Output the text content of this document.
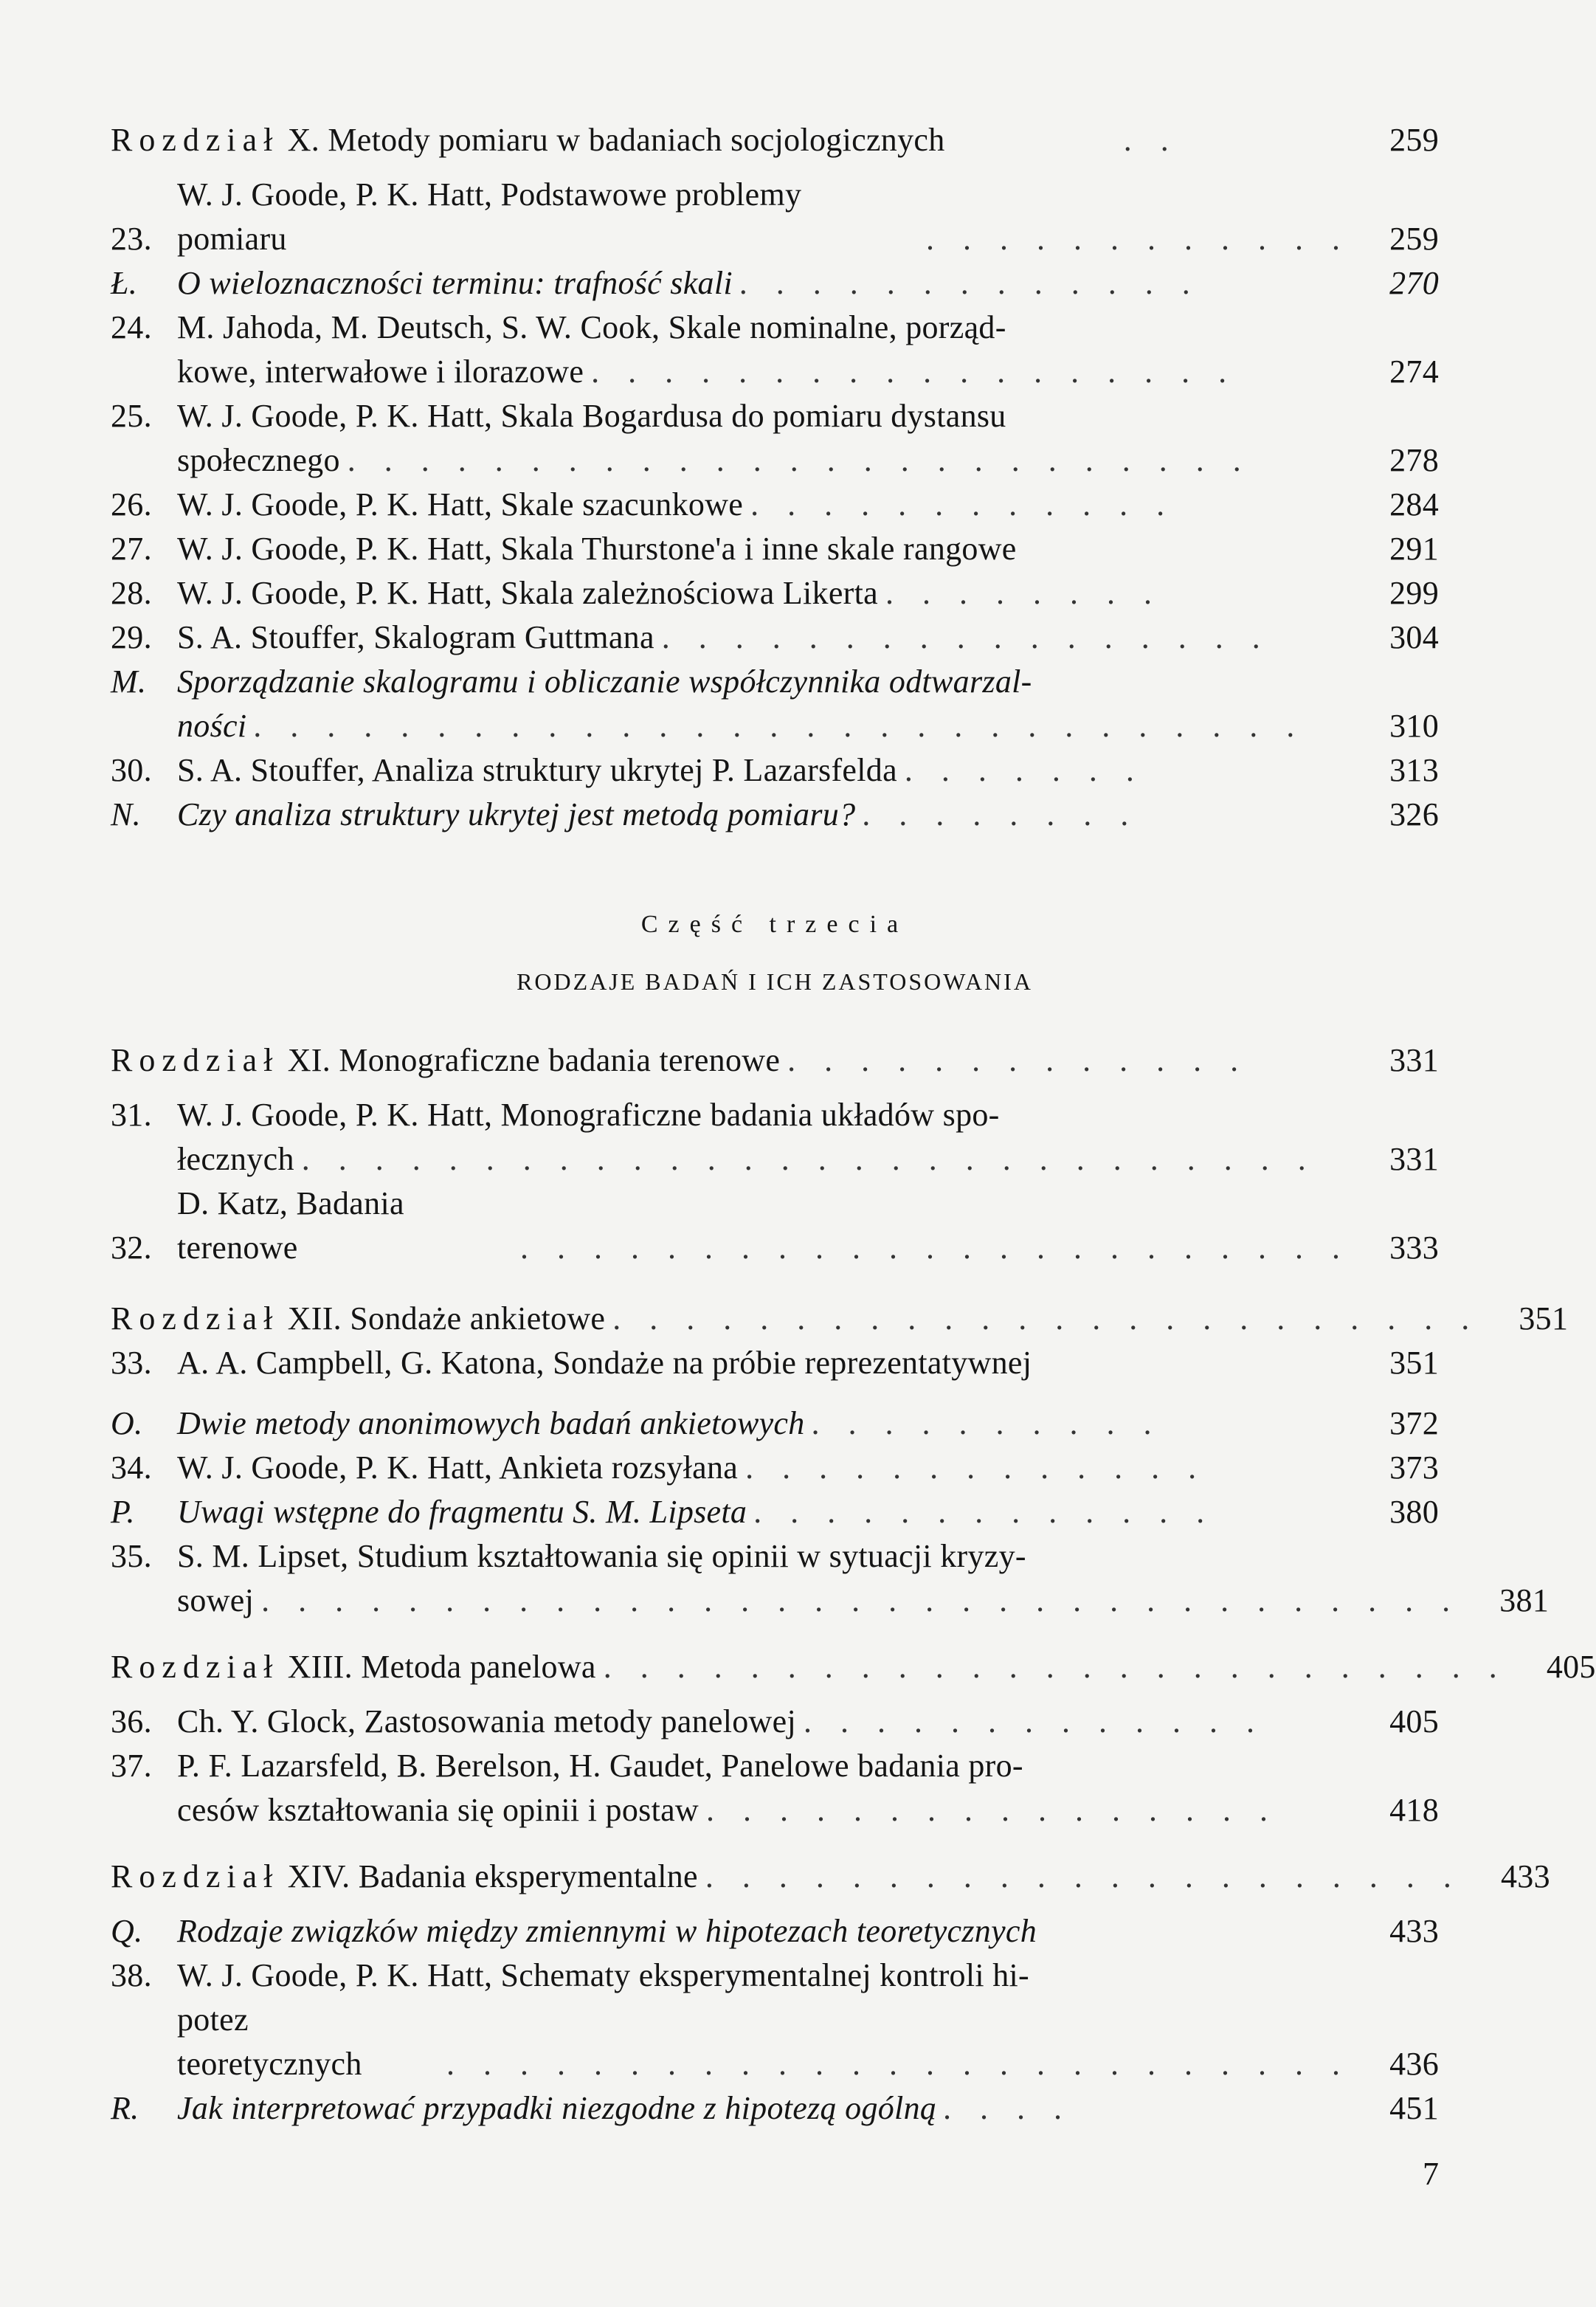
Rozdział X. Metody pomiaru w badaniach socjologicznych	. .	259
23.
W. J. Goode, P. K. Hatt, Podstawowe problemy pomiaru	. . . . . . . . . . . .	259
Ł.	O wieloznaczności terminu: trafność skali . . . . . . . . . . . . .	270
24. M. Jahoda, M. Deutsch, S. W. Cook, Skale nominalne, porząd-
kowe, interwałowe i ilorazowe . . . . . . . . . . . . . . . . . .	274
25. W. J. Goode, P. K. Hatt, Skala Bogardusa do pomiaru dystansu
społecznego . . . . . . . . . . . . . . . . . . . . . . . . .	278
26. W. J. Goode, P. K. Hatt, Skale szacunkowe . . . . . . . . . . . .	284
27. W. J. Goode, P. K. Hatt, Skala Thurstone'a i inne skale rangowe	291
28. W. J. Goode, P. K. Hatt, Skala zależnościowa Likerta . . . . . . . .	299
29. S. A. Stouffer, Skalogram Guttmana . . . . . . . . . . . . . . . . .	304
M. Sporządzanie skalogramu i obliczanie współczynnika odtwarzal-
ności . . . . . . . . . . . . . . . . . . . . . . . . . . . . .	310
30. S. A. Stouffer, Analiza struktury ukrytej P. Lazarsfelda . . . . . . .	313
N.	Czy analiza struktury ukrytej jest metodą pomiaru? . . . . . . . .	326
Część trzecia
RODZAJE BADAŃ I ICH ZASTOSOWANIA
Rozdział XI. Monograficzne badania terenowe . . . . . . . . . . . . .	331
31. W. J. Goode, P. K. Hatt, Monograficzne badania układów spo-
łecznych . . . . . . . . . . . . . . . . . . . . . . . . . . . .	331
32.
D. Katz, Badania terenowe	. . . . . . . . . . . . . . . . . . . . . . .	333
Rozdział XII. Sondaże ankietowe . . . . . . . . . . . . . . . . . . . . . . . .	351
33. A. A. Campbell, G. Katona, Sondaże na próbie reprezentatywnej	351
O.	Dwie metody anonimowych badań ankietowych . . . . . . . . . .	372
34. W. J. Goode, P. K. Hatt, Ankieta rozsyłana . . . . . . . . . . . . .	373
P.	Uwagi wstępne do fragmentu S. M. Lipseta . . . . . . . . . . . . .	380
35. S. M. Lipset, Studium kształtowania się opinii w sytuacji kryzy-
sowej . . . . . . . . . . . . . . . . . . . . . . . . . . . . . . . . .	381
Rozdział XIII. Metoda panelowa . . . . . . . . . . . . . . . . . . . . . . . . .	405
36. Ch. Y. Glock, Zastosowania metody panelowej . . . . . . . . . . . . .	405
37. P. F. Lazarsfeld, B. Berelson, H. Gaudet, Panelowe badania pro-
cesów kształtowania się opinii i postaw . . . . . . . . . . . . . . . .	418
Rozdział XIV. Badania eksperymentalne . . . . . . . . . . . . . . . . . . . . .	433
Q.	Rodzaje związków między zmiennymi w hipotezach teoretycznych	433
38. W. J. Goode, P. K. Hatt, Schematy eksperymentalnej kontroli hi-
potez teoretycznych	. . . . . . . . . . . . . . . . . . . . . . . . .	436
R.	Jak interpretować przypadki niezgodne z hipotezą ogólną . . . .	451
7
